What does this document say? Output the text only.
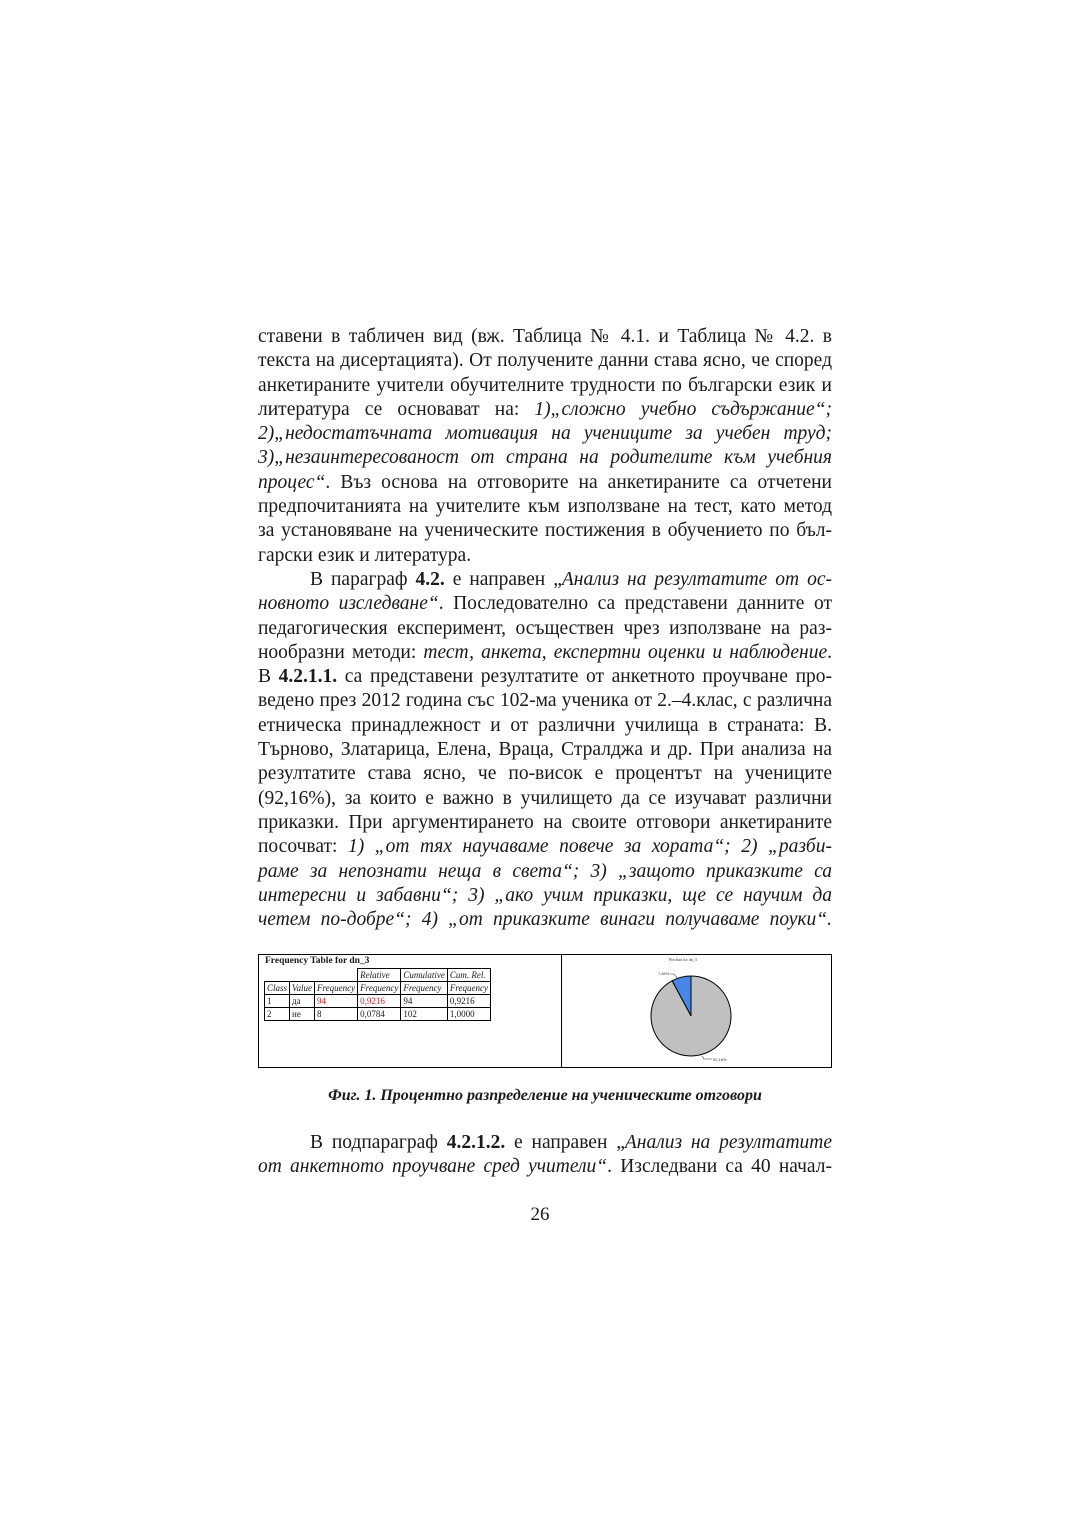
ставени в табличен вид (вж. Таблица № 4.1. и Таблица № 4.2. в
текста на дисертацията). От получените данни става ясно, че според
анкетираните учители обучителните трудности по български език и
литература се основават на: 1)„сложно учебно съдържание“;
2)„недостатъчната мотивация на учениците за учебен труд;
3)„незаинтересованост от страна на родителите към учебния
процес“. Въз основа на отговорите на анкетираните са отчетени
предпочитанията на учителите към използване на тест, като метод
за установяване на ученическите постижения в обучението по бъл-
гарски език и литература.
В параграф 4.2. е направен „Анализ на резултатите от ос-
новното изследване“. Последователно са представени данните от
педагогическия експеримент, осъществен чрез използване на раз-
нообразни методи: тест, анкета, експертни оценки и наблюдение.
В 4.2.1.1. са представени резултатите от анкетното проучване про-
ведено през 2012 година със 102-ма ученика от 2.–4.клас, с различна
етническа принадлежност и от различни училища в страната: В.
Търново, Златарица, Елена, Враца, Стралджа и др. При анализа на
резултатите става ясно, че по-висок е процентът на учениците
(92,16%), за които е важно в училището да се изучават различни
приказки. При аргументирането на своите отговори анкетираните
посочват: 1) „от тях научаваме повече за хората“; 2) „разби-
раме за непознати неща в света“; 3) „защото приказките са
интересни и забавни“; 3) „ако учим приказки, ще се научим да
четем по-добре“; 4) „от приказките винаги получаваме поуки“.
Frequency Table for dn_3
			Relative	Cumulative	Cum. Rel.
Class	Value	Frequency	Frequency	Frequency	Frequency
1	да	94	0,9216	94	0,9216
2	не	8	0,0784	102	1,0000
Piechart for dn_3
7,84%
92,16%
Фиг. 1. Процентно разпределение на ученическите отговори
В подпараграф 4.2.1.2. е направен „Анализ на резултатите
от анкетното проучване сред учители“. Изследвани са 40 начал-
26
